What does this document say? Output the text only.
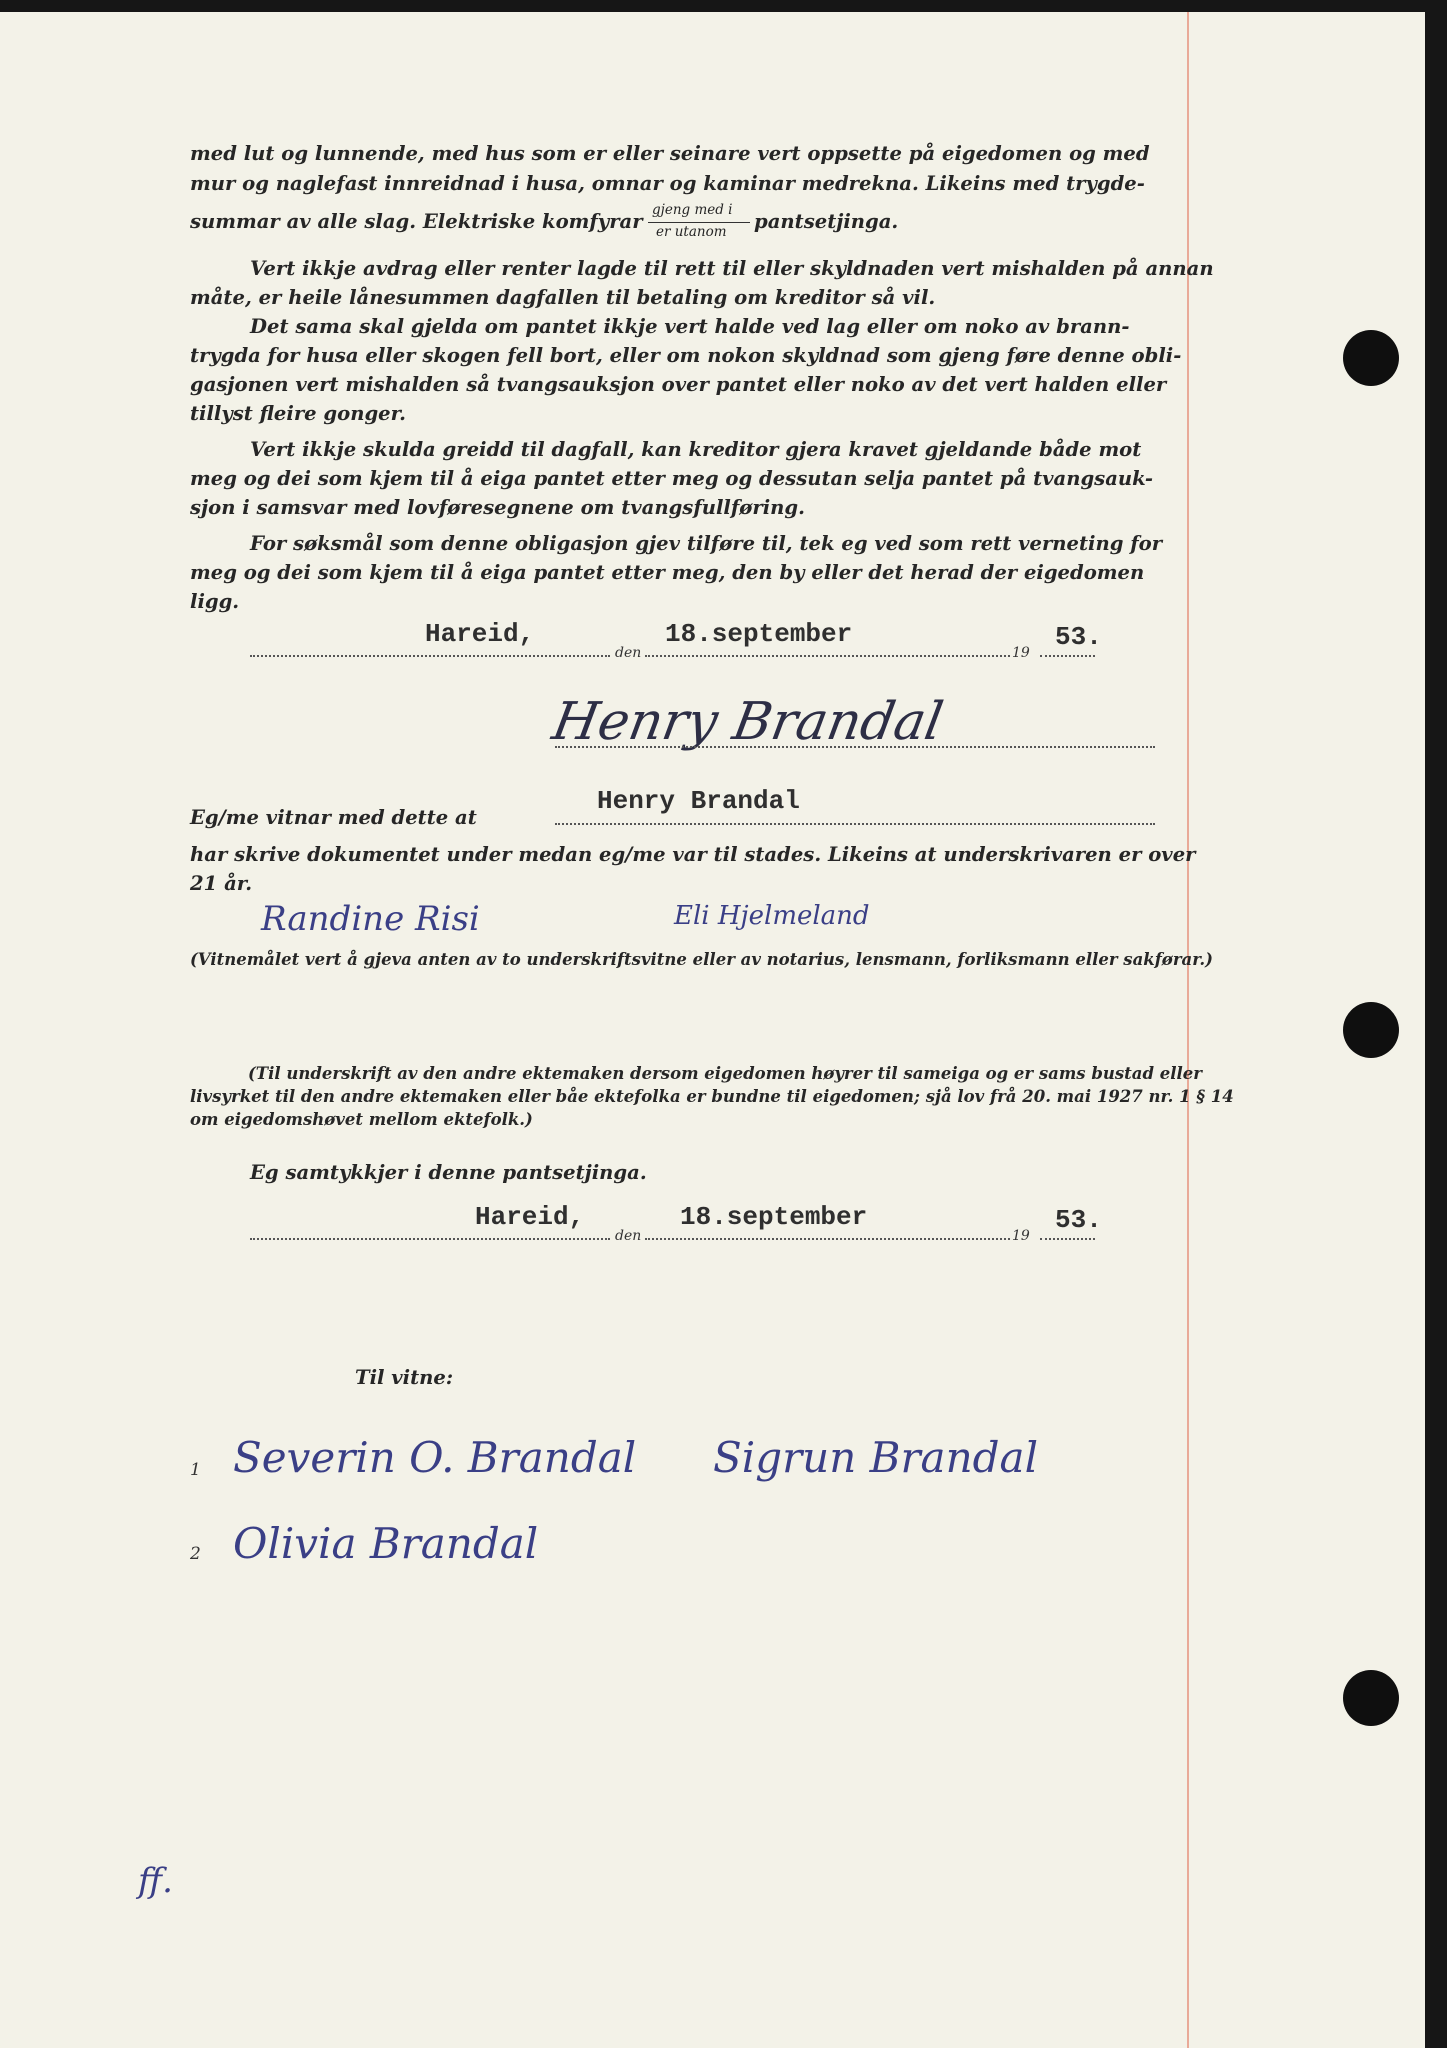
med lut og lunnende, med hus som er eller seinare vert oppsette på eigedomen og med
mur og naglefast innreidnad i husa, omnar og kaminar medrekna. Likeins med trygde-
summar av alle slag. Elektriske komfyrar gjeng med i
er utanom pantsetjinga.
Vert ikkje avdrag eller renter lagde til rett til eller skyldnaden vert mishalden på annan
måte, er heile lånesummen dagfallen til betaling om kreditor så vil.
Det sama skal gjelda om pantet ikkje vert halde ved lag eller om noko av brann-
trygda for husa eller skogen fell bort, eller om nokon skyldnad som gjeng føre denne obli-
gasjonen vert mishalden så tvangsauksjon over pantet eller noko av det vert halden eller
tillyst fleire gonger.
Vert ikkje skulda greidd til dagfall, kan kreditor gjera kravet gjeldande både mot
meg og dei som kjem til å eiga pantet etter meg og dessutan selja pantet på tvangsauk-
sjon i samsvar med lovføresegnene om tvangsfullføring.
For søksmål som denne obligasjon gjev tilføre til, tek eg ved som rett verneting for
meg og dei som kjem til å eiga pantet etter meg, den by eller det herad der eigedomen
ligg.
Hareid,
den
18.september
19
53.
Henry Brandal
Henry Brandal
Eg/me vitnar med dette at
har skrive dokumentet under medan eg/me var til stades. Likeins at underskrivaren er over
21 år.
Randine Risi	Eli Hjelmeland
(Vitnemålet vert å gjeva anten av to underskriftsvitne eller av notarius, lensmann, forliksmann eller sakførar.)
(Til underskrift av den andre ektemaken dersom eigedomen høyrer til sameiga og er sams bustad eller
livsyrket til den andre ektemaken eller båe ektefolka er bundne til eigedomen; sjå lov frå 20. mai 1927 nr. 1 § 14
om eigedomshøvet mellom ektefolk.)
Eg samtykkjer i denne pantsetjinga.
Hareid,
den
18.september
19
53.
Til vitne:
1 Severin O. Brandal Sigrun Brandal
2 Olivia Brandal
ff.
